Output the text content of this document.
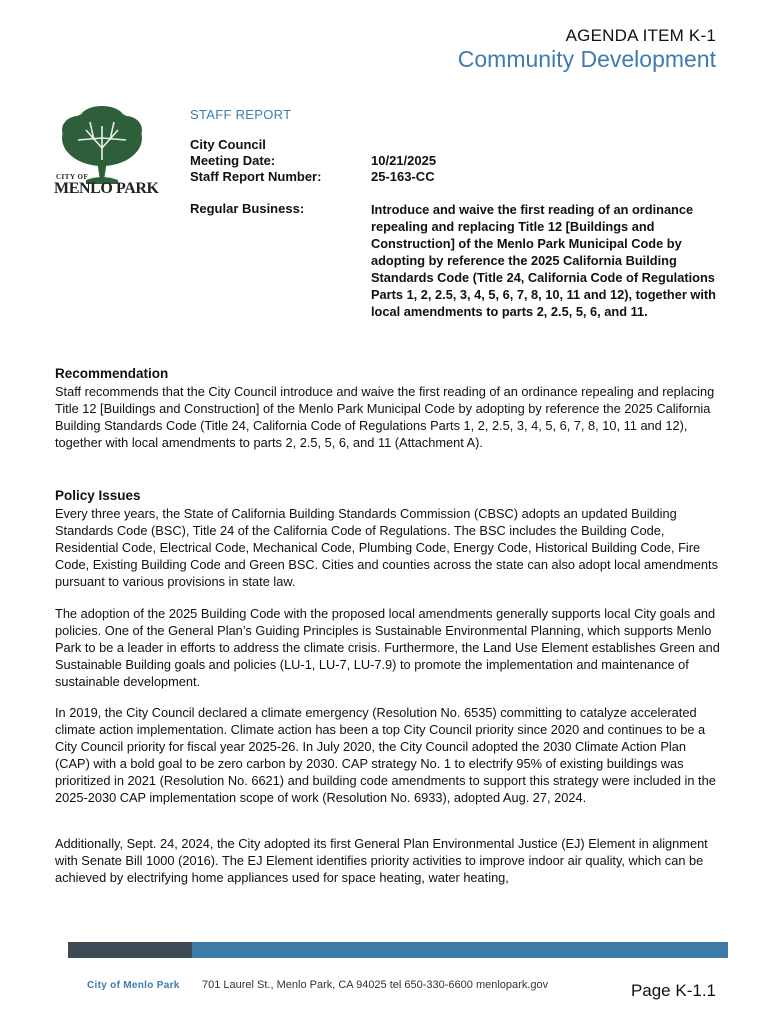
AGENDA ITEM K-1
Community Development
CITY OF
MENLO PARK
STAFF REPORT
City Council
Meeting Date:	10/21/2025
Staff Report Number:	25-163-CC
Regular Business:	Introduce and waive the first reading of an ordinance repealing and replacing Title 12 [Buildings and Construction] of the Menlo Park Municipal Code by adopting by reference the 2025 California Building Standards Code (Title 24, California Code of Regulations Parts 1, 2, 2.5, 3, 4, 5, 6, 7, 8, 10, 11 and 12), together with local amendments to parts 2, 2.5, 5, 6, and 11.
Recommendation

Staff recommends that the City Council introduce and waive the first reading of an ordinance repealing and replacing Title 12 [Buildings and Construction] of the Menlo Park Municipal Code by adopting by reference the 2025 California Building Standards Code (Title 24, California Code of Regulations Parts 1, 2, 2.5, 3, 4, 5, 6, 7, 8, 10, 11 and 12), together with local amendments to parts 2, 2.5, 5, 6, and 11 (Attachment A).

Policy Issues

Every three years, the State of California Building Standards Commission (CBSC) adopts an updated Building Standards Code (BSC), Title 24 of the California Code of Regulations. The BSC includes the Building Code, Residential Code, Electrical Code, Mechanical Code, Plumbing Code, Energy Code, Historical Building Code, Fire Code, Existing Building Code and Green BSC. Cities and counties across the state can also adopt local amendments pursuant to various provisions in state law.

The adoption of the 2025 Building Code with the proposed local amendments generally supports local City goals and policies. One of the General Plan’s Guiding Principles is Sustainable Environmental Planning, which supports Menlo Park to be a leader in efforts to address the climate crisis. Furthermore, the Land Use Element establishes Green and Sustainable Building goals and policies (LU-1, LU-7, LU-7.9) to promote the implementation and maintenance of sustainable development.

In 2019, the City Council declared a climate emergency (Resolution No. 6535) committing to catalyze accelerated climate action implementation. Climate action has been a top City Council priority since 2020 and continues to be a City Council priority for fiscal year 2025-26. In July 2020, the City Council adopted the 2030 Climate Action Plan (CAP) with a bold goal to be zero carbon by 2030. CAP strategy No. 1 to electrify 95% of existing buildings was prioritized in 2021 (Resolution No. 6621) and building code amendments to support this strategy were included in the 2025-2030 CAP implementation scope of work (Resolution No. 6933), adopted Aug. 27, 2024.

Additionally, Sept. 24, 2024, the City adopted its first General Plan Environmental Justice (EJ) Element in alignment with Senate Bill 1000 (2016). The EJ Element identifies priority activities to improve indoor air quality, which can be achieved by electrifying home appliances used for space heating, water heating,

City of Menlo Park 701 Laurel St., Menlo Park, CA 94025 tel 650-330-6600 menlopark.gov	Page K-1.1
